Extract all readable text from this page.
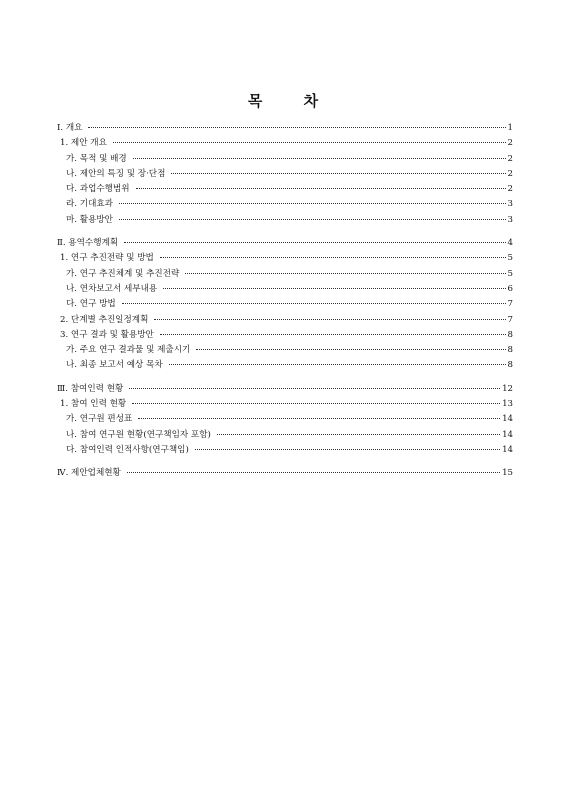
목 차
Ⅰ. 개요	1
1. 제안 개요	2
가. 목적 및 배경	2
나. 제안의 특징 및 장·단점	2
다. 과업수행범위	2
라. 기대효과	3
마. 활용방안	3
Ⅱ. 용역수행계획	4
1. 연구 추진전략 및 방법	5
가. 연구 추진체계 및 추진전략	5
나. 연차보고서 세부내용	6
다. 연구 방법	7
2. 단계별 추진일정계획	7
3. 연구 결과 및 활용방안	8
가. 주요 연구 결과물 및 제출시기	8
나. 최종 보고서 예상 목차	8
Ⅲ. 참여인력 현황	12
1. 참여 인력 현황	13
가. 연구원 편성표	14
나. 참여 연구원 현황(연구책임자 포함)	14
다. 참여인력 인적사항(연구책임)	14
Ⅳ. 제안업체현황	15
